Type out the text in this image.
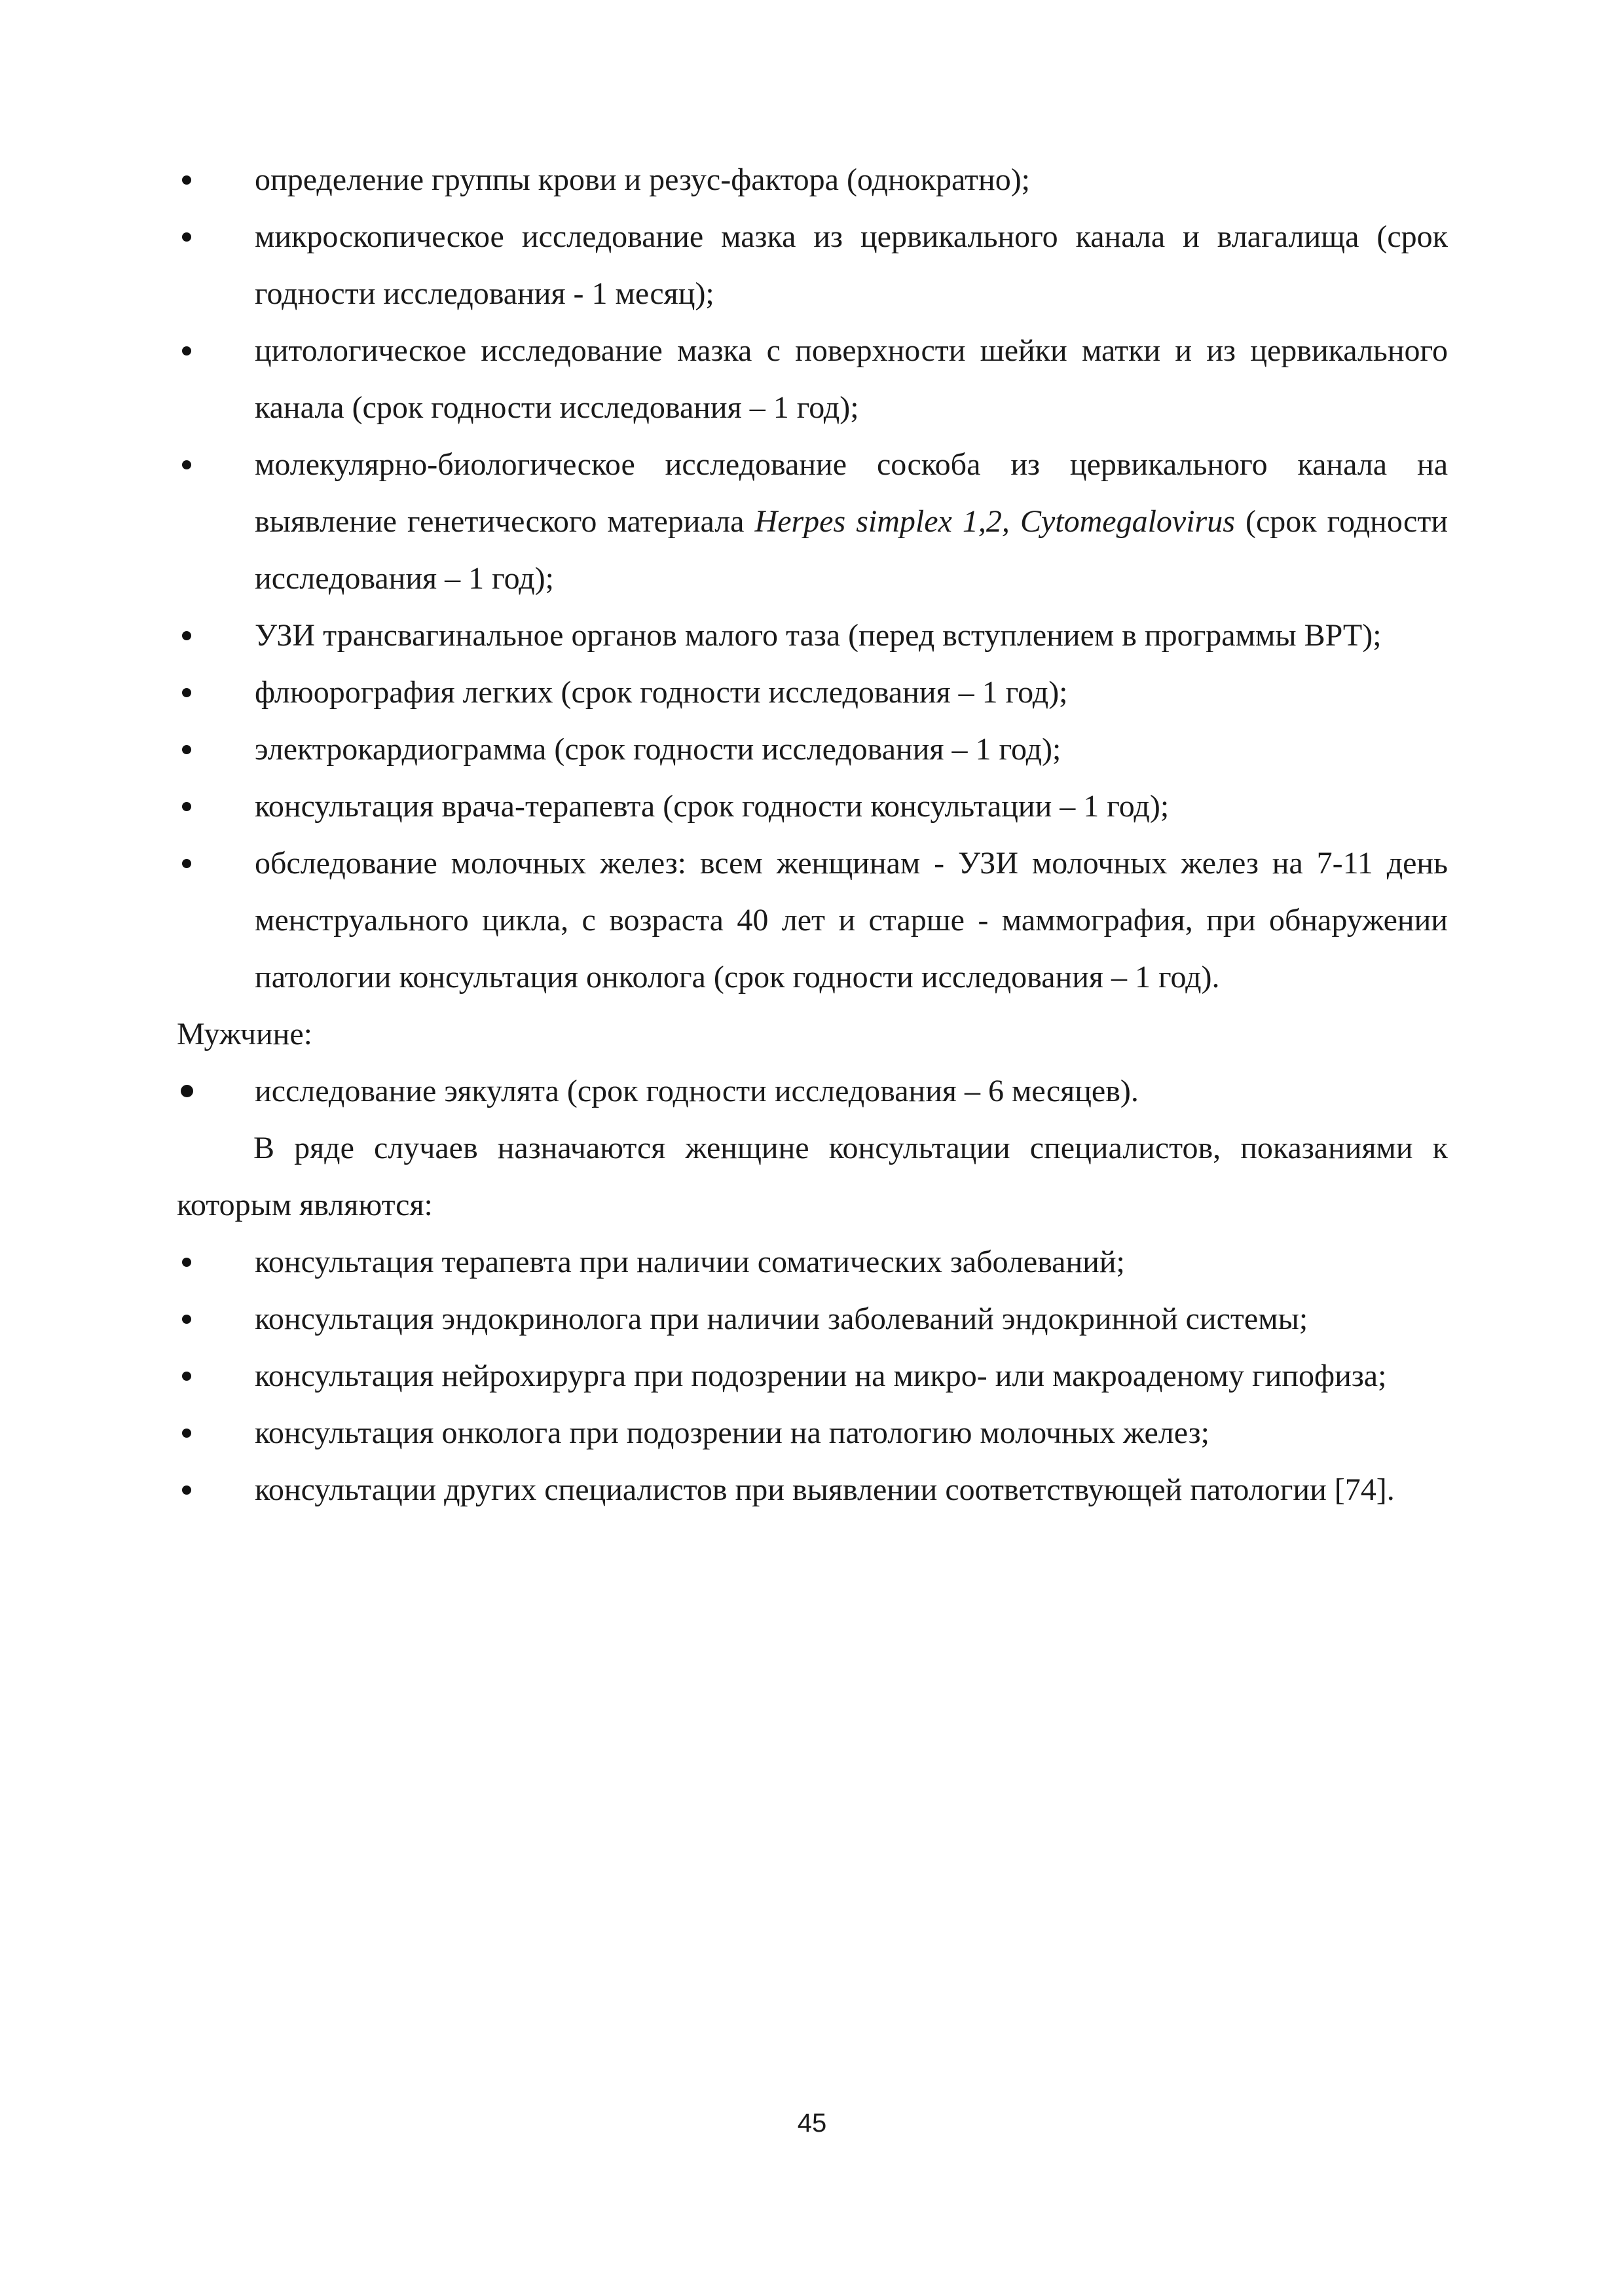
определение группы крови и резус-фактора (однократно);
микроскопическое исследование мазка из цервикального канала и влагалища (срок годности исследования - 1 месяц);
цитологическое исследование мазка с поверхности шейки матки и из цервикального канала (срок годности исследования – 1 год);
молекулярно-биологическое исследование соскоба из цервикального канала на выявление генетического материала Herpes simplex 1,2, Cytomegalovirus (срок годности исследования – 1 год);
УЗИ трансвагинальное органов малого таза (перед вступлением в программы ВРТ);
флюорография легких (срок годности исследования – 1 год);
электрокардиограмма (срок годности исследования – 1 год);
консультация врача-терапевта (срок годности консультации – 1 год);
обследование молочных желез: всем женщинам - УЗИ молочных желез на 7-11 день менструального цикла, с возраста 40 лет и старше - маммография, при обнаружении патологии консультация онколога (срок годности исследования – 1 год).
Мужчине:
исследование эякулята (срок годности исследования – 6 месяцев).
В ряде случаев назначаются женщине консультации специалистов, показаниями к которым являются:
консультация терапевта при наличии соматических заболеваний;
консультация эндокринолога при наличии заболеваний эндокринной системы;
консультация нейрохирурга при подозрении на микро- или макроаденому гипофиза;
консультация онколога при подозрении на патологию молочных желез;
консультации других специалистов при выявлении соответствующей патологии [74].
45
